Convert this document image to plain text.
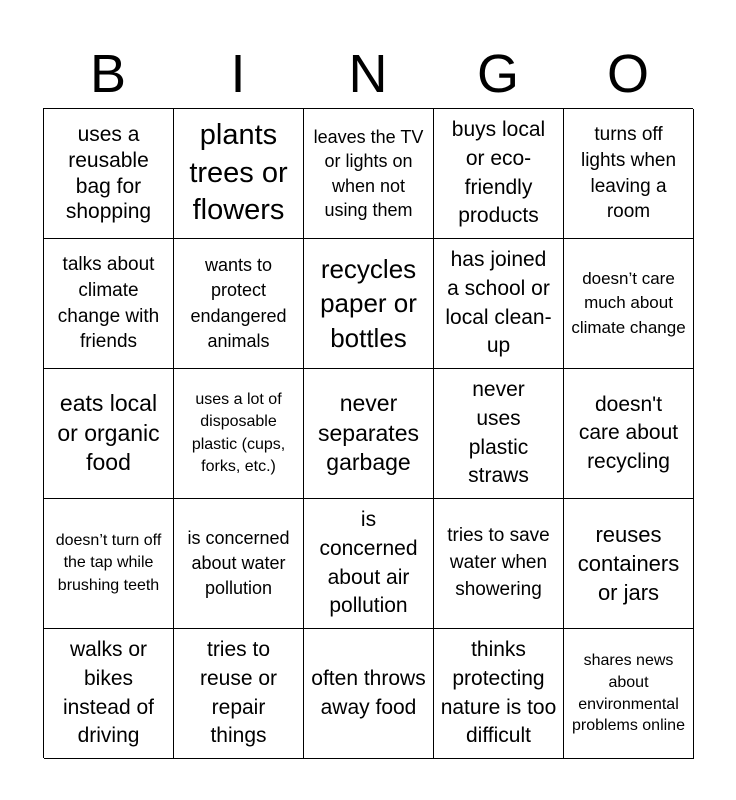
B	I	N	G	O
uses a reusable bag for shopping
plants trees or flowers
leaves the TV or lights on when not using them
buys local or eco-friendly products
turns off lights when leaving a room
talks about climate change with friends
wants to protect endangered animals
recycles paper or bottles
has joined a school or local clean-up
doesn’t care much about climate change
eats local or organic food
uses a lot of disposable plastic (cups, forks, etc.)
never separates garbage
never uses plastic straws
doesn't care about recycling
doesn’t turn off the tap while brushing teeth
is concerned about water pollution
is concerned about air pollution
tries to save water when showering
reuses containers or jars
walks or bikes instead of driving
tries to reuse or repair things
often throws away food
thinks protecting nature is too difficult
shares news about environmental problems online
